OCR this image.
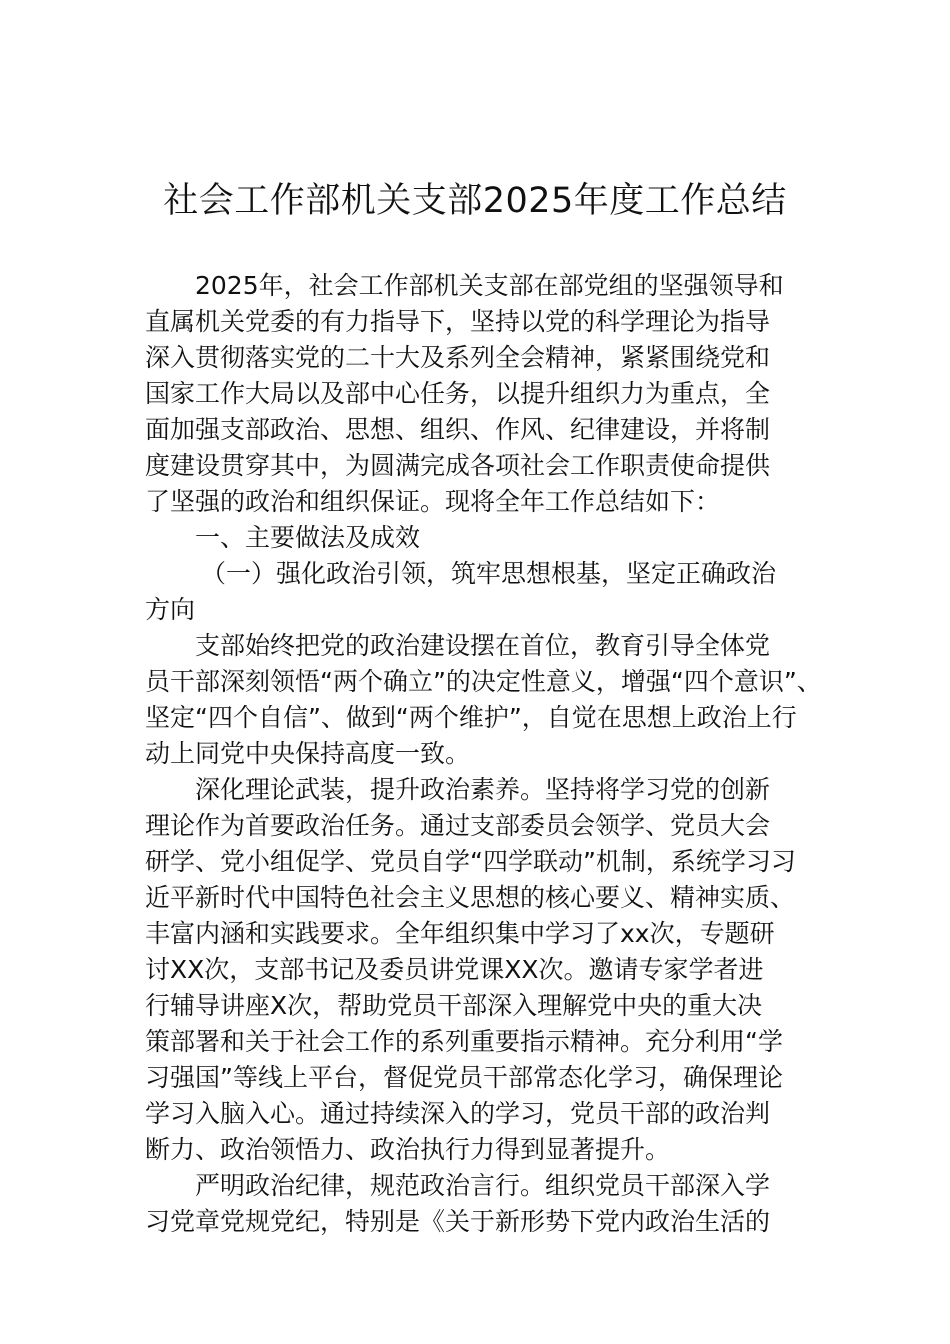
社会工作部机关支部2025年度工作总结
2025年，社会工作部机关支部在部党组的坚强领导和
直属机关党委的有力指导下，坚持以党的科学理论为指导
深入贯彻落实党的二十大及系列全会精神，紧紧围绕党和
国家工作大局以及部中心任务，以提升组织力为重点，全
面加强支部政治、思想、组织、作风、纪律建设，并将制
度建设贯穿其中，为圆满完成各项社会工作职责使命提供
了坚强的政治和组织保证。现将全年工作总结如下：
一、主要做法及成效
（一）强化政治引领，筑牢思想根基，坚定正确政治
方向
支部始终把党的政治建设摆在首位，教育引导全体党
员干部深刻领悟“两个确立”的决定性意义，增强“四个意识”、
坚定“四个自信”、做到“两个维护”，自觉在思想上政治上行
动上同党中央保持高度一致。
深化理论武装，提升政治素养。坚持将学习党的创新
理论作为首要政治任务。通过支部委员会领学、党员大会
研学、党小组促学、党员自学“四学联动”机制，系统学习习
近平新时代中国特色社会主义思想的核心要义、精神实质、
丰富内涵和实践要求。全年组织集中学习了xx次，专题研
讨XX次，支部书记及委员讲党课XX次。邀请专家学者进
行辅导讲座X次，帮助党员干部深入理解党中央的重大决
策部署和关于社会工作的系列重要指示精神。充分利用“学
习强国”等线上平台，督促党员干部常态化学习，确保理论
学习入脑入心。通过持续深入的学习，党员干部的政治判
断力、政治领悟力、政治执行力得到显著提升。
严明政治纪律，规范政治言行。组织党员干部深入学
习党章党规党纪，特别是《关于新形势下党内政治生活的
